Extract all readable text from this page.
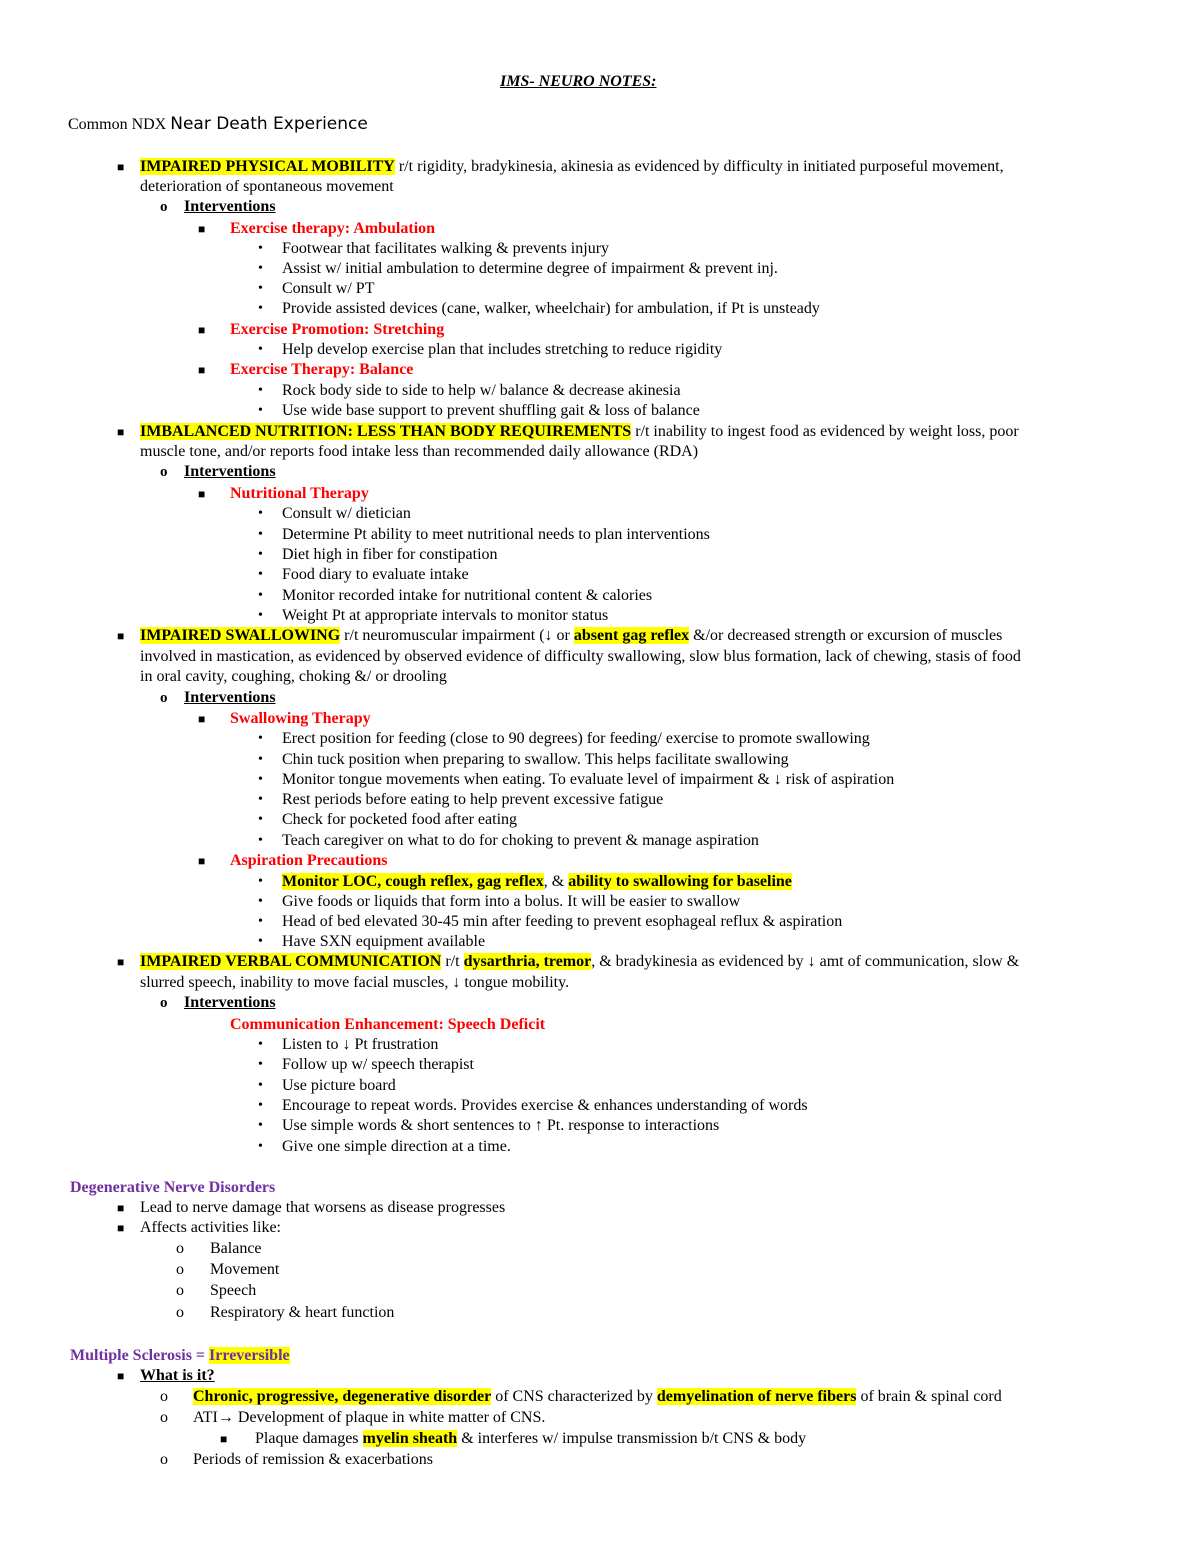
IMS- NEURO NOTES:
Common NDX Near Death Experience
■ IMPAIRED PHYSICAL MOBILITY r/t rigidity, bradykinesia, akinesia as evidenced by difficulty in initiated purposeful movement,
deterioration of spontaneous movement
o Interventions
■ Exercise therapy: Ambulation
• Footwear that facilitates walking & prevents injury
• Assist w/ initial ambulation to determine degree of impairment & prevent inj.
• Consult w/ PT
• Provide assisted devices (cane, walker, wheelchair) for ambulation, if Pt is unsteady
■ Exercise Promotion: Stretching
• Help develop exercise plan that includes stretching to reduce rigidity
■ Exercise Therapy: Balance
• Rock body side to side to help w/ balance & decrease akinesia
• Use wide base support to prevent shuffling gait & loss of balance
■ IMBALANCED NUTRITION: LESS THAN BODY REQUIREMENTS r/t inability to ingest food as evidenced by weight loss, poor
muscle tone, and/or reports food intake less than recommended daily allowance (RDA)
o Interventions
■ Nutritional Therapy
• Consult w/ dietician
• Determine Pt ability to meet nutritional needs to plan interventions
• Diet high in fiber for constipation
• Food diary to evaluate intake
• Monitor recorded intake for nutritional content & calories
• Weight Pt at appropriate intervals to monitor status
■ IMPAIRED SWALLOWING r/t neuromuscular impairment (↓ or absent gag reflex &/or decreased strength or excursion of muscles
involved in mastication, as evidenced by observed evidence of difficulty swallowing, slow blus formation, lack of chewing, stasis of food
in oral cavity, coughing, choking &/ or drooling
o Interventions
■ Swallowing Therapy
• Erect position for feeding (close to 90 degrees) for feeding/ exercise to promote swallowing
• Chin tuck position when preparing to swallow. This helps facilitate swallowing
• Monitor tongue movements when eating. To evaluate level of impairment & ↓ risk of aspiration
• Rest periods before eating to help prevent excessive fatigue
• Check for pocketed food after eating
• Teach caregiver on what to do for choking to prevent & manage aspiration
■ Aspiration Precautions
• Monitor LOC, cough reflex, gag reflex, & ability to swallowing for baseline
• Give foods or liquids that form into a bolus. It will be easier to swallow
• Head of bed elevated 30-45 min after feeding to prevent esophageal reflux & aspiration
• Have SXN equipment available
■ IMPAIRED VERBAL COMMUNICATION r/t dysarthria, tremor, & bradykinesia as evidenced by ↓ amt of communication, slow &
slurred speech, inability to move facial muscles, ↓ tongue mobility.
o Interventions
Communication Enhancement: Speech Deficit
• Listen to ↓ Pt frustration
• Follow up w/ speech therapist
• Use picture board
• Encourage to repeat words. Provides exercise & enhances understanding of words
• Use simple words & short sentences to ↑ Pt. response to interactions
• Give one simple direction at a time.
Degenerative Nerve Disorders
■ Lead to nerve damage that worsens as disease progresses
■ Affects activities like:
o Balance
o Movement
o Speech
o Respiratory & heart function
Multiple Sclerosis = Irreversible
■ What is it?
o Chronic, progressive, degenerative disorder of CNS characterized by demyelination of nerve fibers of brain & spinal cord
o ATI→ Development of plaque in white matter of CNS.
■ Plaque damages myelin sheath & interferes w/ impulse transmission b/t CNS & body
o Periods of remission & exacerbations
